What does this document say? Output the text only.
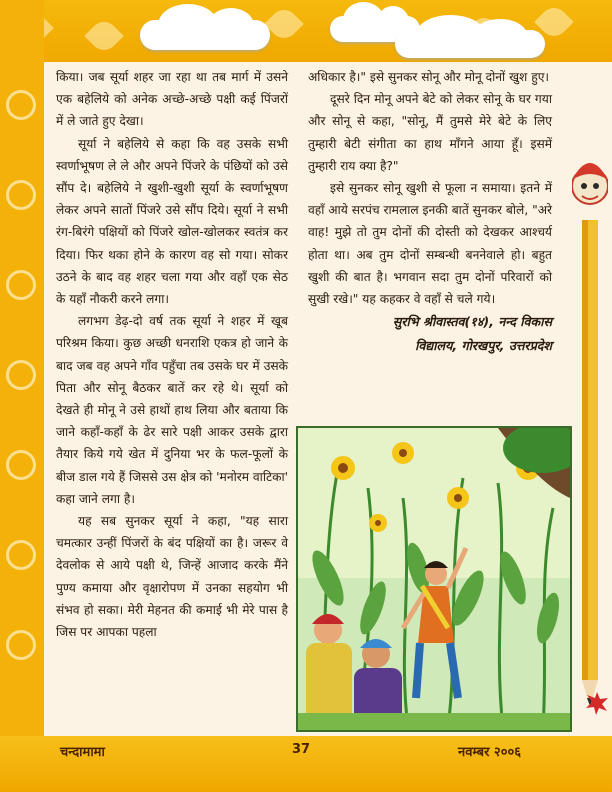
किया। जब सूर्या शहर जा रहा था तब मार्ग में उसने एक बहेलिये को अनेक अच्छे-अच्छे पक्षी कई पिंजरों में ले जाते हुए देखा।

सूर्या ने बहेलिये से कहा कि वह उसके सभी स्वर्णाभूषण ले ले और अपने पिंजरे के पंछियों को उसे सौंप दे। बहेलिये ने खुशी-खुशी सूर्या के स्वर्णाभूषण लेकर अपने सातों पिंजरे उसे सौंप दिये। सूर्या ने सभी रंग-बिरंगे पक्षियों को पिंजरे खोल-खोलकर स्वतंत्र कर दिया। फिर थका होने के कारण वह सो गया। सोकर उठने के बाद वह शहर चला गया और वहाँ एक सेठ के यहाँ नौकरी करने लगा।

लगभग डेढ़-दो वर्ष तक सूर्या ने शहर में खूब परिश्रम किया। कुछ अच्छी धनराशि एकत्र हो जाने के बाद जब वह अपने गाँव पहुँचा तब उसके घर में उसके पिता और सोनू बैठकर बातें कर रहे थे। सूर्या को देखते ही मोनू ने उसे हाथों हाथ लिया और बताया कि जाने कहाँ-कहाँ के ढेर सारे पक्षी आकर उसके द्वारा तैयार किये गये खेत में दुनिया भर के फल-फूलों के बीज डाल गये हैं जिससे उस क्षेत्र को 'मनोरम वाटिका' कहा जाने लगा है।

यह सब सुनकर सूर्या ने कहा, "यह सारा चमत्कार उन्हीं पिंजरों के बंद पक्षियों का है। जरूर वे देवलोक से आये पक्षी थे, जिन्हें आजाद करके मैंने पुण्य कमाया और वृक्षारोपण में उनका सहयोग भी संभव हो सका। मेरी मेहनत की कमाई भी मेरे पास है जिस पर आपका पहला

अधिकार है।" इसे सुनकर सोनू और मोनू दोनों खुश हुए।

दूसरे दिन मोनू अपने बेटे को लेकर सोनू के घर गया और सोनू से कहा, "सोनू, मैं तुमसे मेरे बेटे के लिए तुम्हारी बेटी संगीता का हाथ माँगने आया हूँ। इसमें तुम्हारी राय क्या है?"

इसे सुनकर सोनू खुशी से फूला न समाया। इतने में वहाँ आये सरपंच रामलाल इनकी बातें सुनकर बोले, "अरे वाह! मुझे तो तुम दोनों की दोस्ती को देखकर आश्चर्य होता था। अब तुम दोनों सम्बन्धी बननेवाले हो। बहुत खुशी की बात है। भगवान सदा तुम दोनों परिवारों को सुखी रखे।" यह कहकर वे वहाँ से चले गये।

सुरभि श्रीवास्तव(१४), नन्द विकास
विद्यालय, गोरखपुर, उत्तरप्रदेश
चन्दामामा	37	नवम्बर २००६
